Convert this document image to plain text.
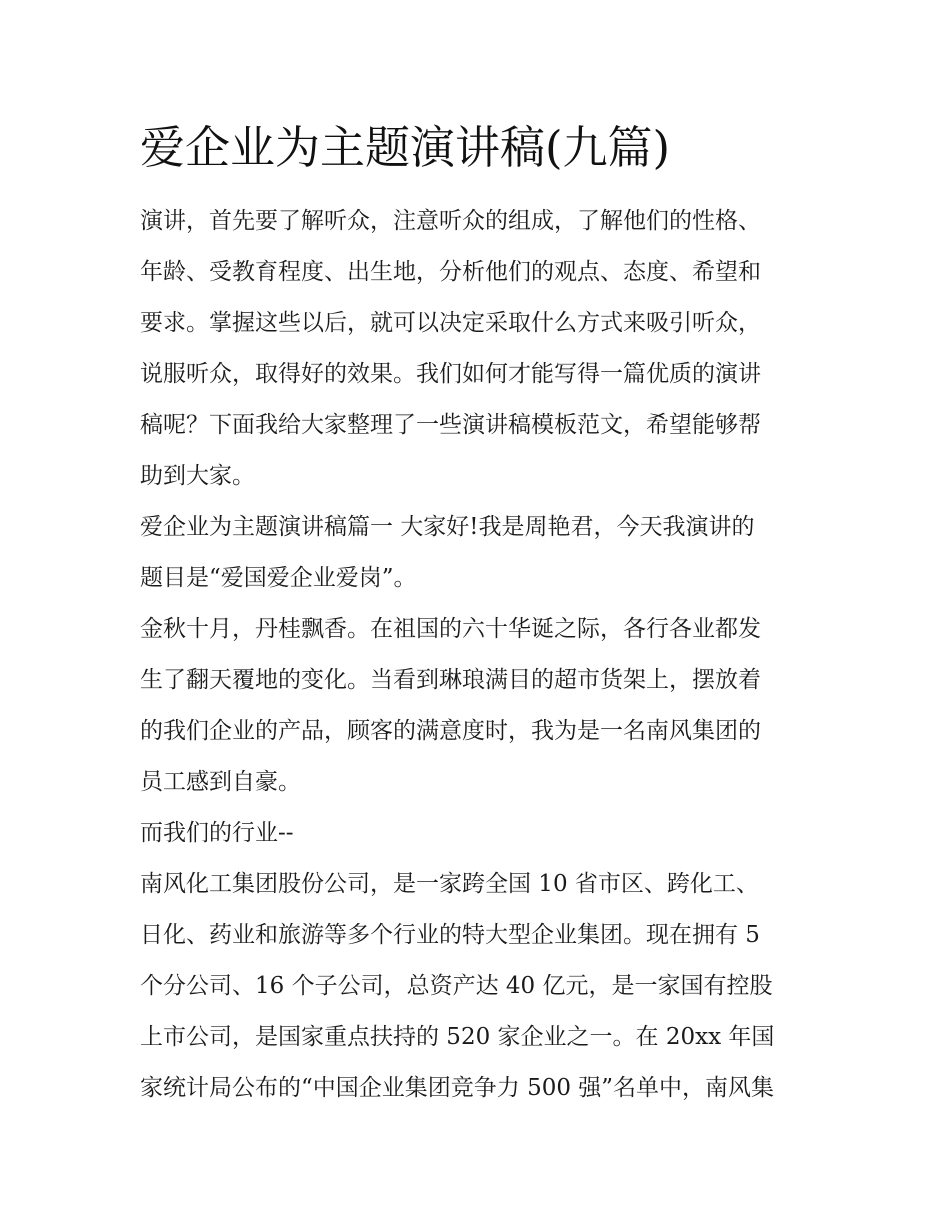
爱企业为主题演讲稿(九篇)

演讲，首先要了解听众，注意听众的组成，了解他们的性格、

年龄、受教育程度、出生地，分析他们的观点、态度、希望和

要求。掌握这些以后，就可以决定采取什么方式来吸引听众，

说服听众，取得好的效果。我们如何才能写得一篇优质的演讲

稿呢？下面我给大家整理了一些演讲稿模板范文，希望能够帮

助到大家。

爱企业为主题演讲稿篇一 大家好!我是周艳君，今天我演讲的

题目是“爱国爱企业爱岗”。

金秋十月，丹桂飘香。在祖国的六十华诞之际，各行各业都发

生了翻天覆地的变化。当看到琳琅满目的超市货架上，摆放着

的我们企业的产品，顾客的满意度时，我为是一名南风集团的

员工感到自豪。

而我们的行业--

南风化工集团股份公司，是一家跨全国 10 省市区、跨化工、

日化、药业和旅游等多个行业的特大型企业集团。现在拥有 5

个分公司、16 个子公司，总资产达 40 亿元，是一家国有控股

上市公司，是国家重点扶持的 520 家企业之一。在 20xx 年国

家统计局公布的“中国企业集团竞争力 500 强”名单中，南风集
